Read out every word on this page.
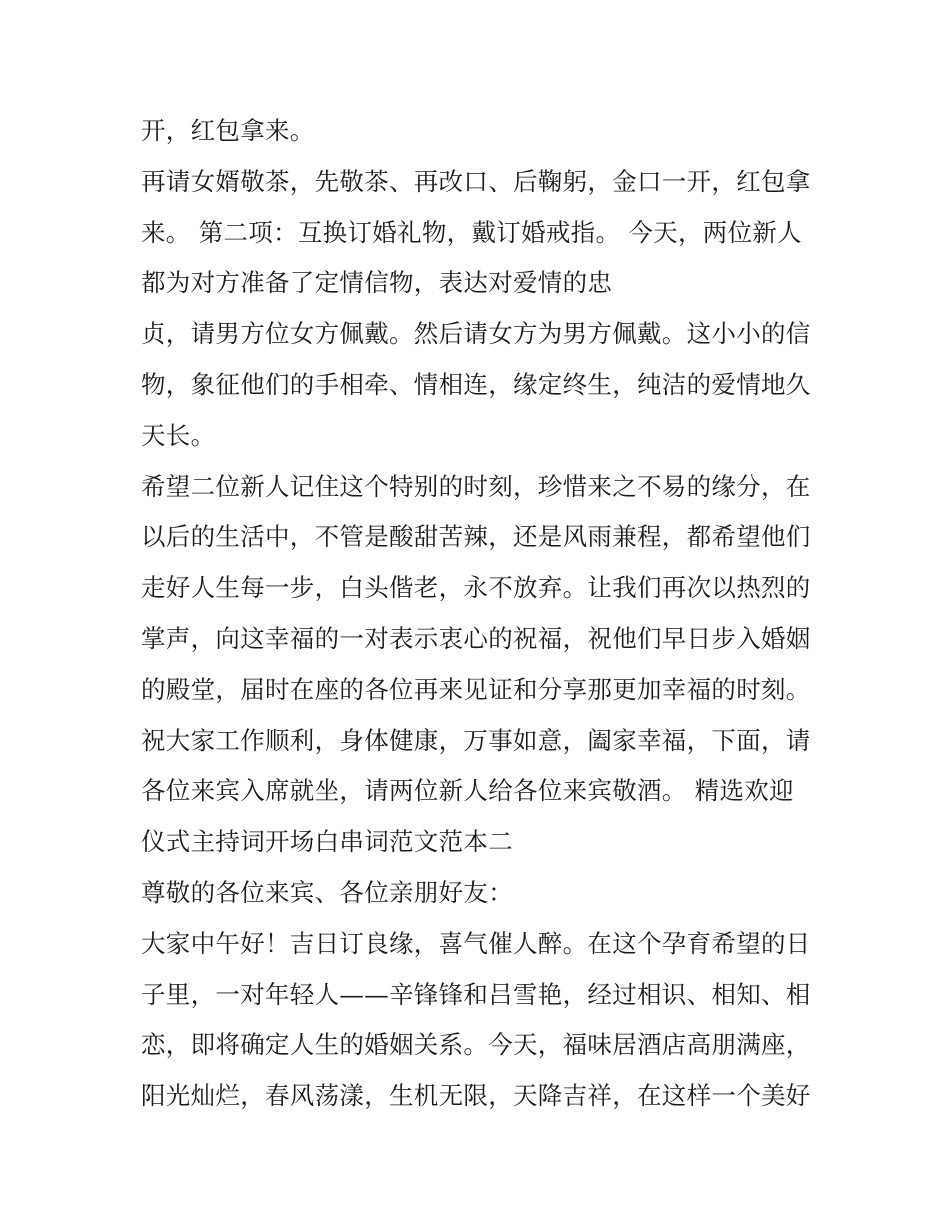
开，红包拿来。
再请女婿敬茶，先敬茶、再改口、后鞠躬，金口一开，红包拿
来。 第二项：互换订婚礼物，戴订婚戒指。 今天，两位新人
都为对方准备了定情信物，表达对爱情的忠
贞，请男方位女方佩戴。然后请女方为男方佩戴。这小小的信
物，象征他们的手相牵、情相连，缘定终生，纯洁的爱情地久
天长。
希望二位新人记住这个特别的时刻，珍惜来之不易的缘分，在
以后的生活中，不管是酸甜苦辣，还是风雨兼程，都希望他们
走好人生每一步，白头偕老，永不放弃。让我们再次以热烈的
掌声，向这幸福的一对表示衷心的祝福，祝他们早日步入婚姻
的殿堂，届时在座的各位再来见证和分享那更加幸福的时刻。
祝大家工作顺利，身体健康，万事如意，阖家幸福，下面，请
各位来宾入席就坐，请两位新人给各位来宾敬酒。 精选欢迎
仪式主持词开场白串词范文范本二
尊敬的各位来宾、各位亲朋好友：
大家中午好！吉日订良缘，喜气催人醉。在这个孕育希望的日
子里，一对年轻人——辛锋锋和吕雪艳，经过相识、相知、相
恋，即将确定人生的婚姻关系。今天，福味居酒店高朋满座，
阳光灿烂，春风荡漾，生机无限，天降吉祥，在这样一个美好
